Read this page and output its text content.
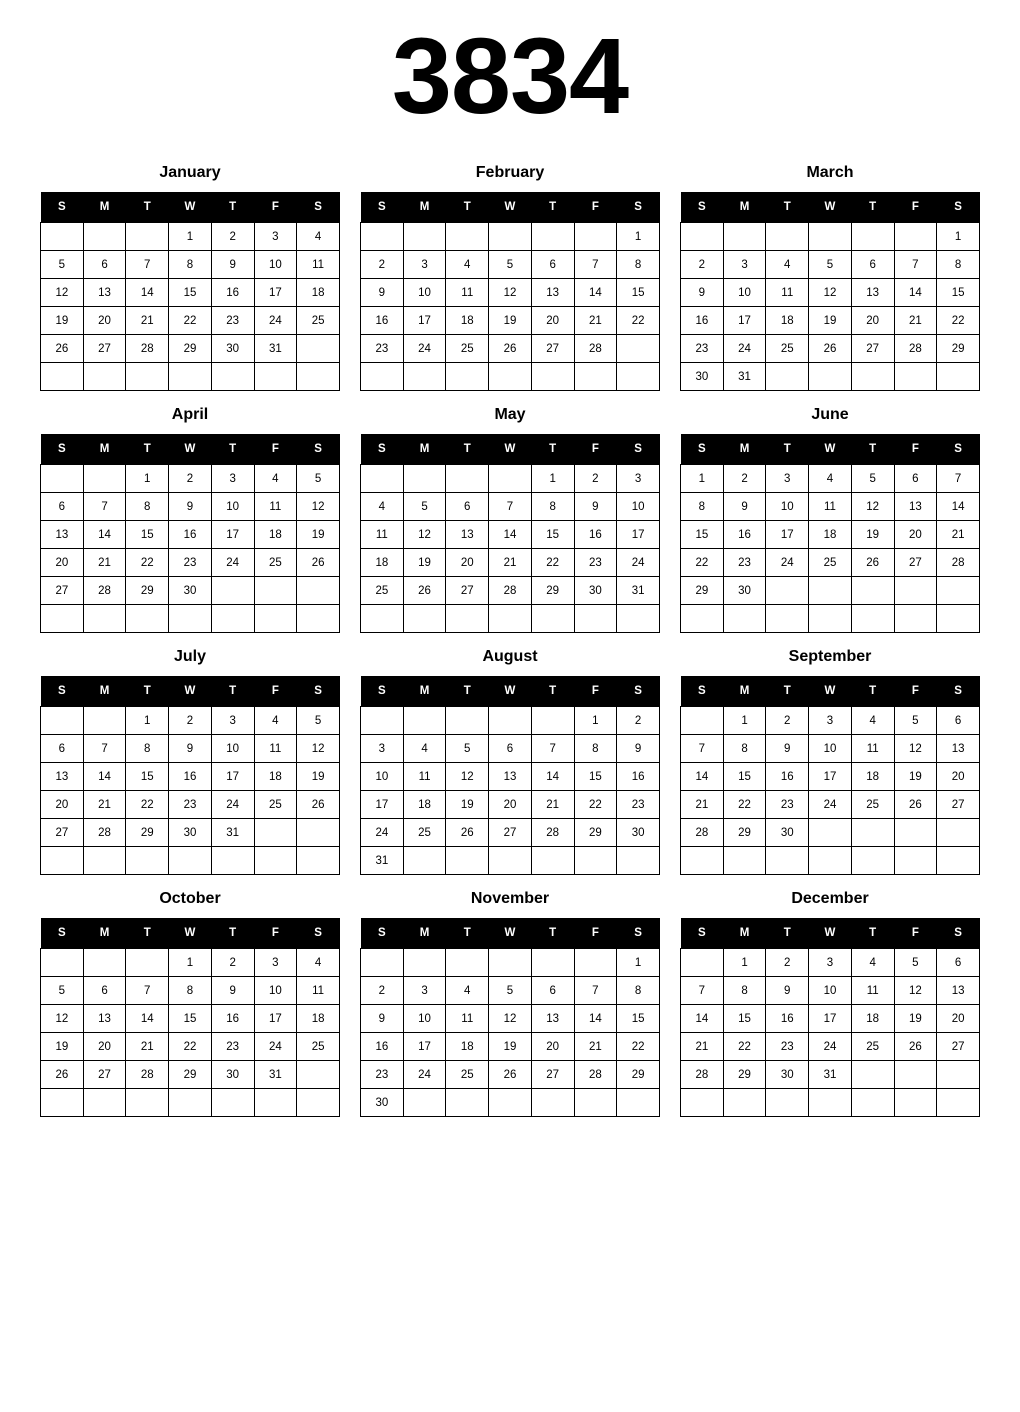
3834
January
S	M	T	W	T	F	S
			1	2	3	4
5	6	7	8	9	10	11
12	13	14	15	16	17	18
19	20	21	22	23	24	25
26	27	28	29	30	31	

February
S	M	T	W	T	F	S
						1
2	3	4	5	6	7	8
9	10	11	12	13	14	15
16	17	18	19	20	21	22
23	24	25	26	27	28	

March
S	M	T	W	T	F	S
						1
2	3	4	5	6	7	8
9	10	11	12	13	14	15
16	17	18	19	20	21	22
23	24	25	26	27	28	29
30	31					
April
S	M	T	W	T	F	S
		1	2	3	4	5
6	7	8	9	10	11	12
13	14	15	16	17	18	19
20	21	22	23	24	25	26
27	28	29	30			

May
S	M	T	W	T	F	S
				1	2	3
4	5	6	7	8	9	10
11	12	13	14	15	16	17
18	19	20	21	22	23	24
25	26	27	28	29	30	31

June
S	M	T	W	T	F	S
1	2	3	4	5	6	7
8	9	10	11	12	13	14
15	16	17	18	19	20	21
22	23	24	25	26	27	28
29	30					

July
S	M	T	W	T	F	S
		1	2	3	4	5
6	7	8	9	10	11	12
13	14	15	16	17	18	19
20	21	22	23	24	25	26
27	28	29	30	31		

August
S	M	T	W	T	F	S
					1	2
3	4	5	6	7	8	9
10	11	12	13	14	15	16
17	18	19	20	21	22	23
24	25	26	27	28	29	30
31						
September
S	M	T	W	T	F	S
	1	2	3	4	5	6
7	8	9	10	11	12	13
14	15	16	17	18	19	20
21	22	23	24	25	26	27
28	29	30				

October
S	M	T	W	T	F	S
			1	2	3	4
5	6	7	8	9	10	11
12	13	14	15	16	17	18
19	20	21	22	23	24	25
26	27	28	29	30	31	

November
S	M	T	W	T	F	S
						1
2	3	4	5	6	7	8
9	10	11	12	13	14	15
16	17	18	19	20	21	22
23	24	25	26	27	28	29
30						
December
S	M	T	W	T	F	S
	1	2	3	4	5	6
7	8	9	10	11	12	13
14	15	16	17	18	19	20
21	22	23	24	25	26	27
28	29	30	31			
